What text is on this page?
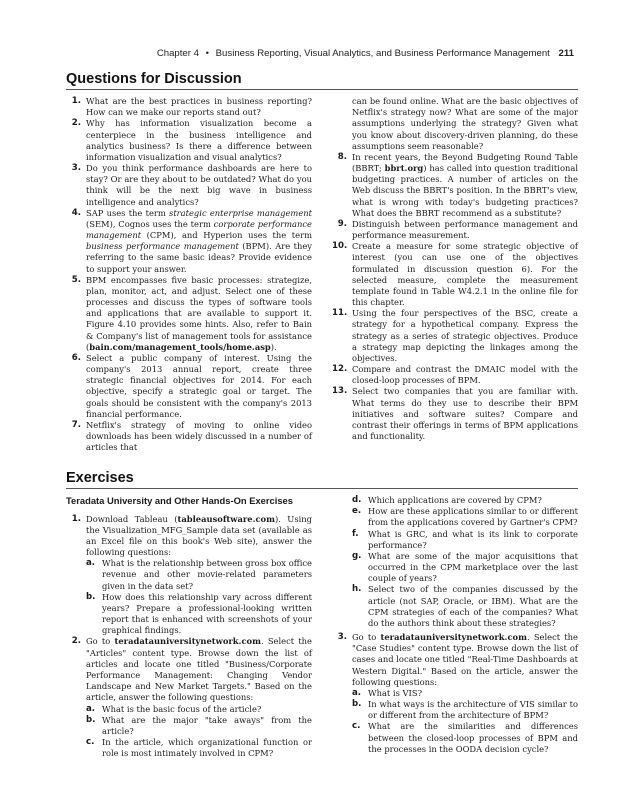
Chapter 4 • Business Reporting, Visual Analytics, and Business Performance Management 211
Questions for Discussion
1. What are the best practices in business reporting? How can we make our reports stand out?
2. Why has information visualization become a centerpiece in the business intelligence and analytics business? Is there a difference between information visualization and visual analytics?
3. Do you think performance dashboards are here to stay? Or are they about to be outdated? What do you think will be the next big wave in business intelligence and analytics?
4. SAP uses the term strategic enterprise management (SEM), Cognos uses the term corporate performance management (CPM), and Hyperion uses the term business performance management (BPM). Are they referring to the same basic ideas? Provide evidence to support your answer.
5. BPM encompasses five basic processes: strategize, plan, monitor, act, and adjust. Select one of these processes and discuss the types of software tools and applications that are available to support it. Figure 4.10 provides some hints. Also, refer to Bain & Company's list of management tools for assistance (bain.com/management_tools/home.asp).
6. Select a public company of interest. Using the company's 2013 annual report, create three strategic financial objectives for 2014. For each objective, specify a strategic goal or target. The goals should be consistent with the company's 2013 financial performance.
7. Netflix's strategy of moving to online video downloads has been widely discussed in a number of articles that
can be found online. What are the basic objectives of Netflix's strategy now? What are some of the major assumptions underlying the strategy? Given what you know about discovery-driven planning, do these assumptions seem reasonable?
8. In recent years, the Beyond Budgeting Round Table (BBRT; bbrt.org) has called into question traditional budgeting practices. A number of articles on the Web discuss the BBRT's position. In the BBRT's view, what is wrong with today's budgeting practices? What does the BBRT recommend as a substitute?
9. Distinguish between performance management and performance measurement.
10. Create a measure for some strategic objective of interest (you can use one of the objectives formulated in discussion question 6). For the selected measure, complete the measurement template found in Table W4.2.1 in the online file for this chapter.
11. Using the four perspectives of the BSC, create a strategy for a hypothetical company. Express the strategy as a series of strategic objectives. Produce a strategy map depicting the linkages among the objectives.
12. Compare and contrast the DMAIC model with the closed-loop processes of BPM.
13. Select two companies that you are familiar with. What terms do they use to describe their BPM initiatives and software suites? Compare and contrast their offerings in terms of BPM applications and functionality.
Exercises
Teradata University and Other Hands-On Exercises
1. Download Tableau (tableausoftware.com). Using the Visualization_MFG_Sample data set (available as an Excel file on this book's Web site), answer the following questions:
a. What is the relationship between gross box office revenue and other movie-related parameters given in the data set?
b. How does this relationship vary across different years? Prepare a professional-looking written report that is enhanced with screenshots of your graphical findings.
2. Go to teradatauniversitynetwork.com. Select the "Articles" content type. Browse down the list of articles and locate one titled "Business/Corporate Performance Management: Changing Vendor Landscape and New Market Targets." Based on the article, answer the following questions:
a. What is the basic focus of the article?
b. What are the major "take aways" from the article?
c. In the article, which organizational function or role is most intimately involved in CPM?
d. Which applications are covered by CPM?
e. How are these applications similar to or different from the applications covered by Gartner's CPM?
f. What is GRC, and what is its link to corporate performance?
g. What are some of the major acquisitions that occurred in the CPM marketplace over the last couple of years?
h. Select two of the companies discussed by the article (not SAP, Oracle, or IBM). What are the CPM strategies of each of the companies? What do the authors think about these strategies?
3. Go to teradatauniversitynetwork.com. Select the "Case Studies" content type. Browse down the list of cases and locate one titled "Real-Time Dashboards at Western Digital." Based on the article, answer the following questions:
a. What is VIS?
b. In what ways is the architecture of VIS similar to or different from the architecture of BPM?
c. What are the similarities and differences between the closed-loop processes of BPM and the processes in the OODA decision cycle?
